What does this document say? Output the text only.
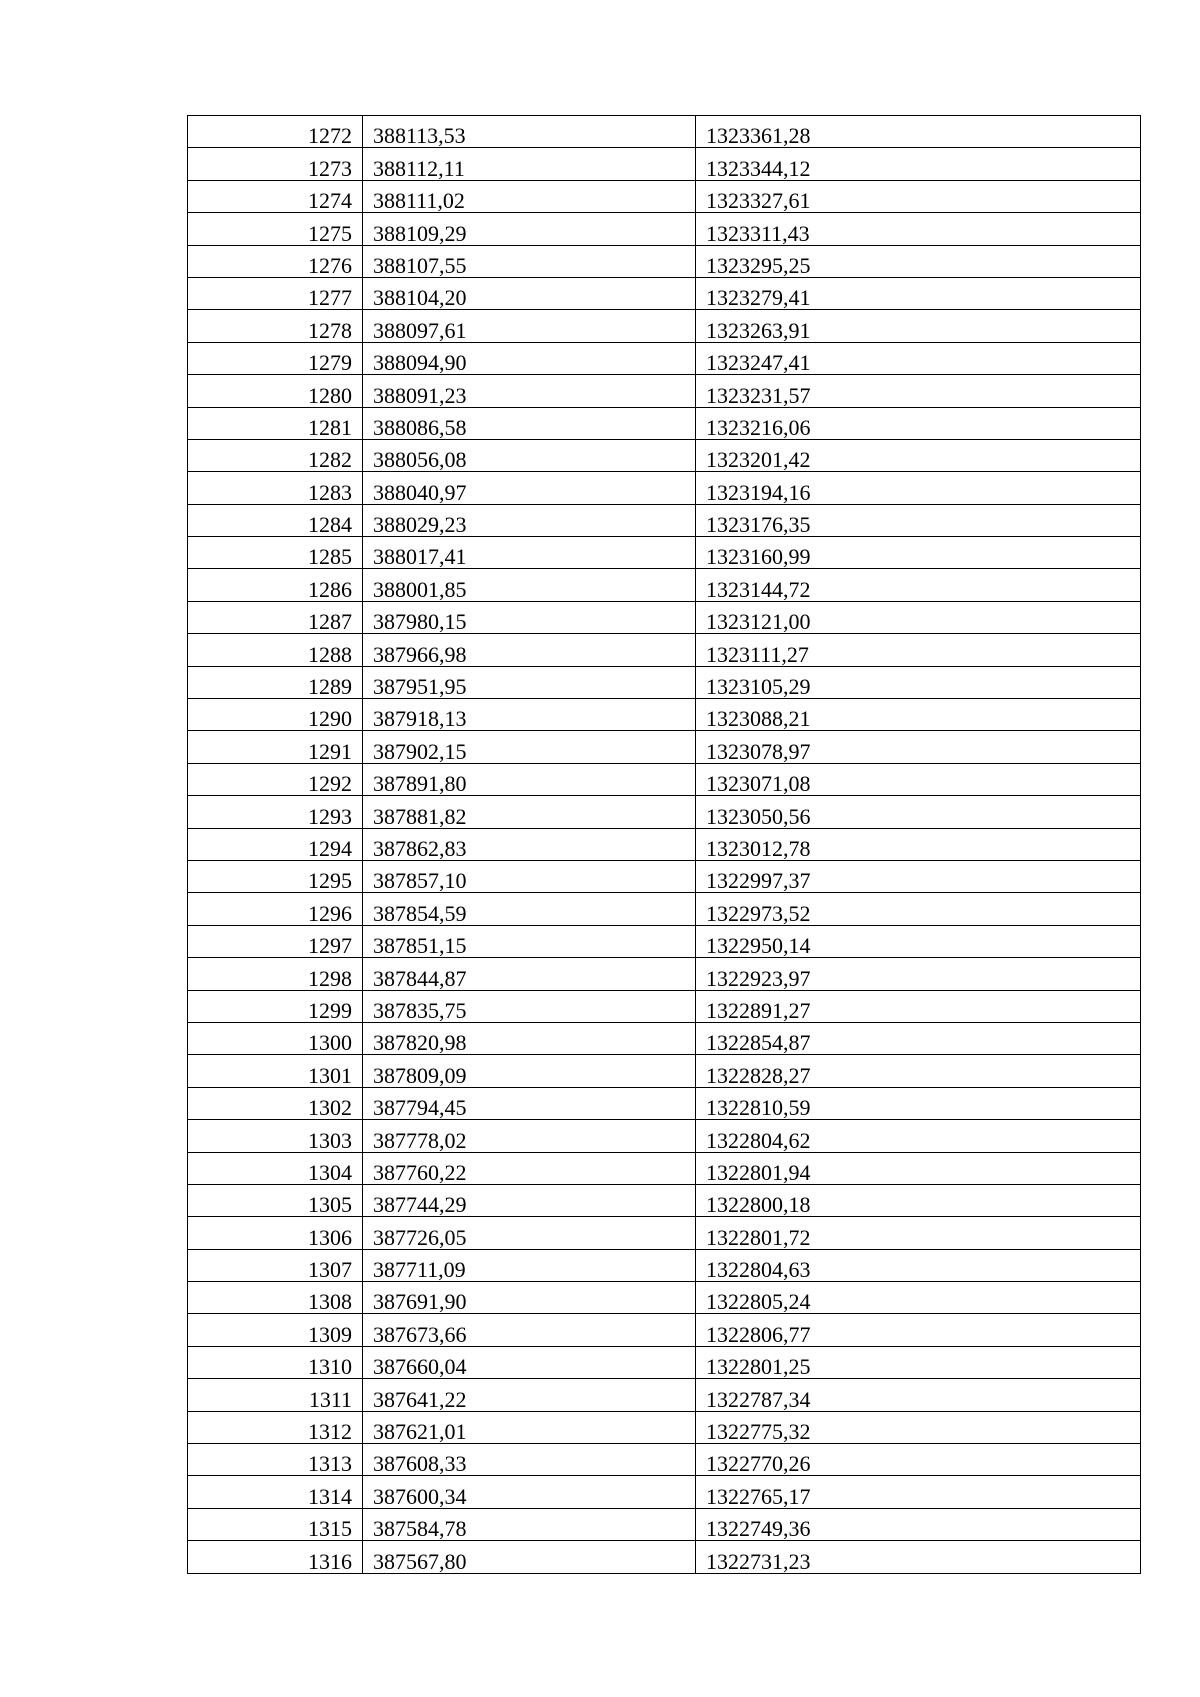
1272	388113,53	1323361,28
1273	388112,11	1323344,12
1274	388111,02	1323327,61
1275	388109,29	1323311,43
1276	388107,55	1323295,25
1277	388104,20	1323279,41
1278	388097,61	1323263,91
1279	388094,90	1323247,41
1280	388091,23	1323231,57
1281	388086,58	1323216,06
1282	388056,08	1323201,42
1283	388040,97	1323194,16
1284	388029,23	1323176,35
1285	388017,41	1323160,99
1286	388001,85	1323144,72
1287	387980,15	1323121,00
1288	387966,98	1323111,27
1289	387951,95	1323105,29
1290	387918,13	1323088,21
1291	387902,15	1323078,97
1292	387891,80	1323071,08
1293	387881,82	1323050,56
1294	387862,83	1323012,78
1295	387857,10	1322997,37
1296	387854,59	1322973,52
1297	387851,15	1322950,14
1298	387844,87	1322923,97
1299	387835,75	1322891,27
1300	387820,98	1322854,87
1301	387809,09	1322828,27
1302	387794,45	1322810,59
1303	387778,02	1322804,62
1304	387760,22	1322801,94
1305	387744,29	1322800,18
1306	387726,05	1322801,72
1307	387711,09	1322804,63
1308	387691,90	1322805,24
1309	387673,66	1322806,77
1310	387660,04	1322801,25
1311	387641,22	1322787,34
1312	387621,01	1322775,32
1313	387608,33	1322770,26
1314	387600,34	1322765,17
1315	387584,78	1322749,36
1316	387567,80	1322731,23
